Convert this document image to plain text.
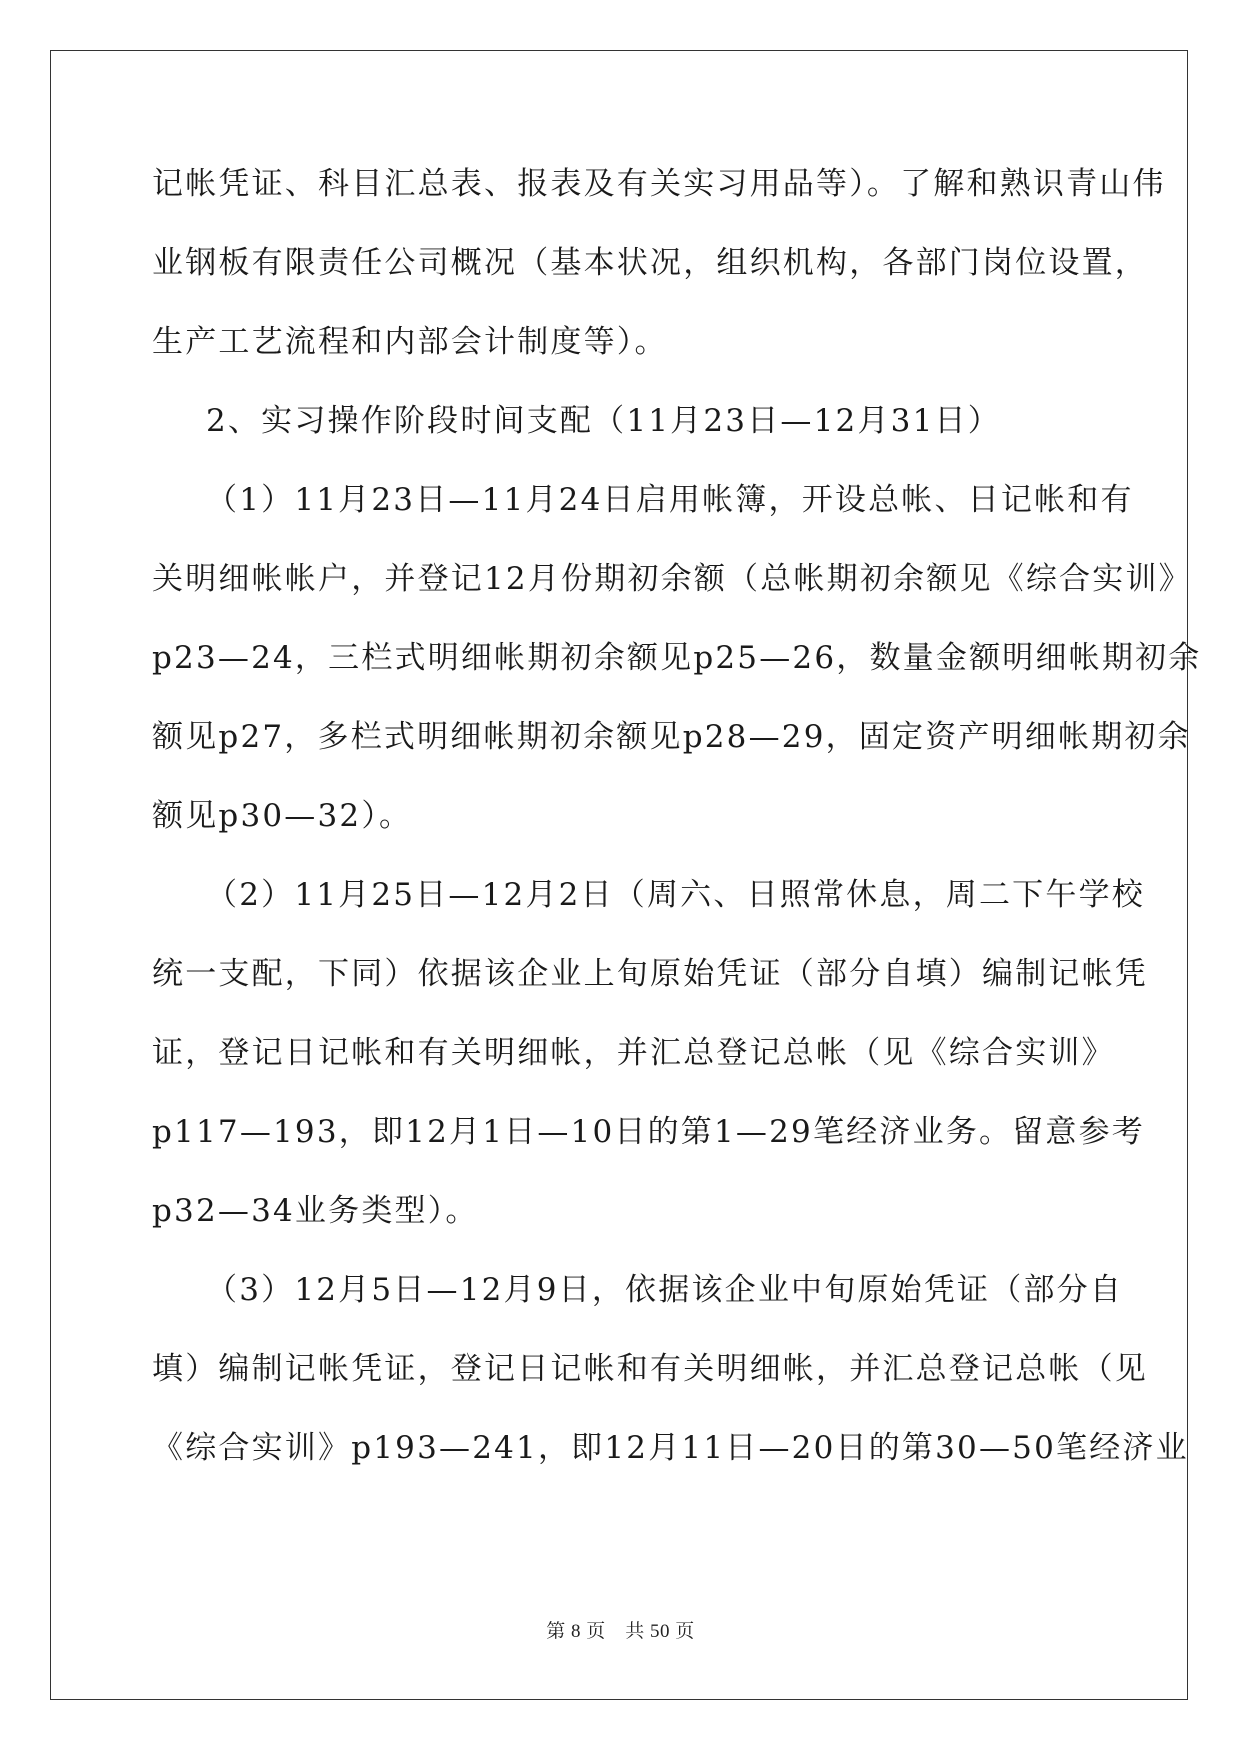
记帐凭证、科目汇总表、报表及有关实习用品等）。了解和熟识青山伟
业钢板有限责任公司概况（基本状况，组织机构，各部门岗位设置，
生产工艺流程和内部会计制度等）。
2、实习操作阶段时间支配（11月23日—12月31日）
（1）11月23日—11月24日启用帐簿，开设总帐、日记帐和有
关明细帐帐户，并登记12月份期初余额（总帐期初余额见《综合实训》
p23—24，三栏式明细帐期初余额见p25—26，数量金额明细帐期初余
额见p27，多栏式明细帐期初余额见p28—29，固定资产明细帐期初余
额见p30—32）。
（2）11月25日—12月2日（周六、日照常休息，周二下午学校
统一支配，下同）依据该企业上旬原始凭证（部分自填）编制记帐凭
证，登记日记帐和有关明细帐，并汇总登记总帐（见《综合实训》
p117—193，即12月1日—10日的第1—29笔经济业务。留意参考
p32—34业务类型）。
（3）12月5日—12月9日，依据该企业中旬原始凭证（部分自
填）编制记帐凭证，登记日记帐和有关明细帐，并汇总登记总帐（见
《综合实训》p193—241，即12月11日—20日的第30—50笔经济业
第 8 页　共 50 页
